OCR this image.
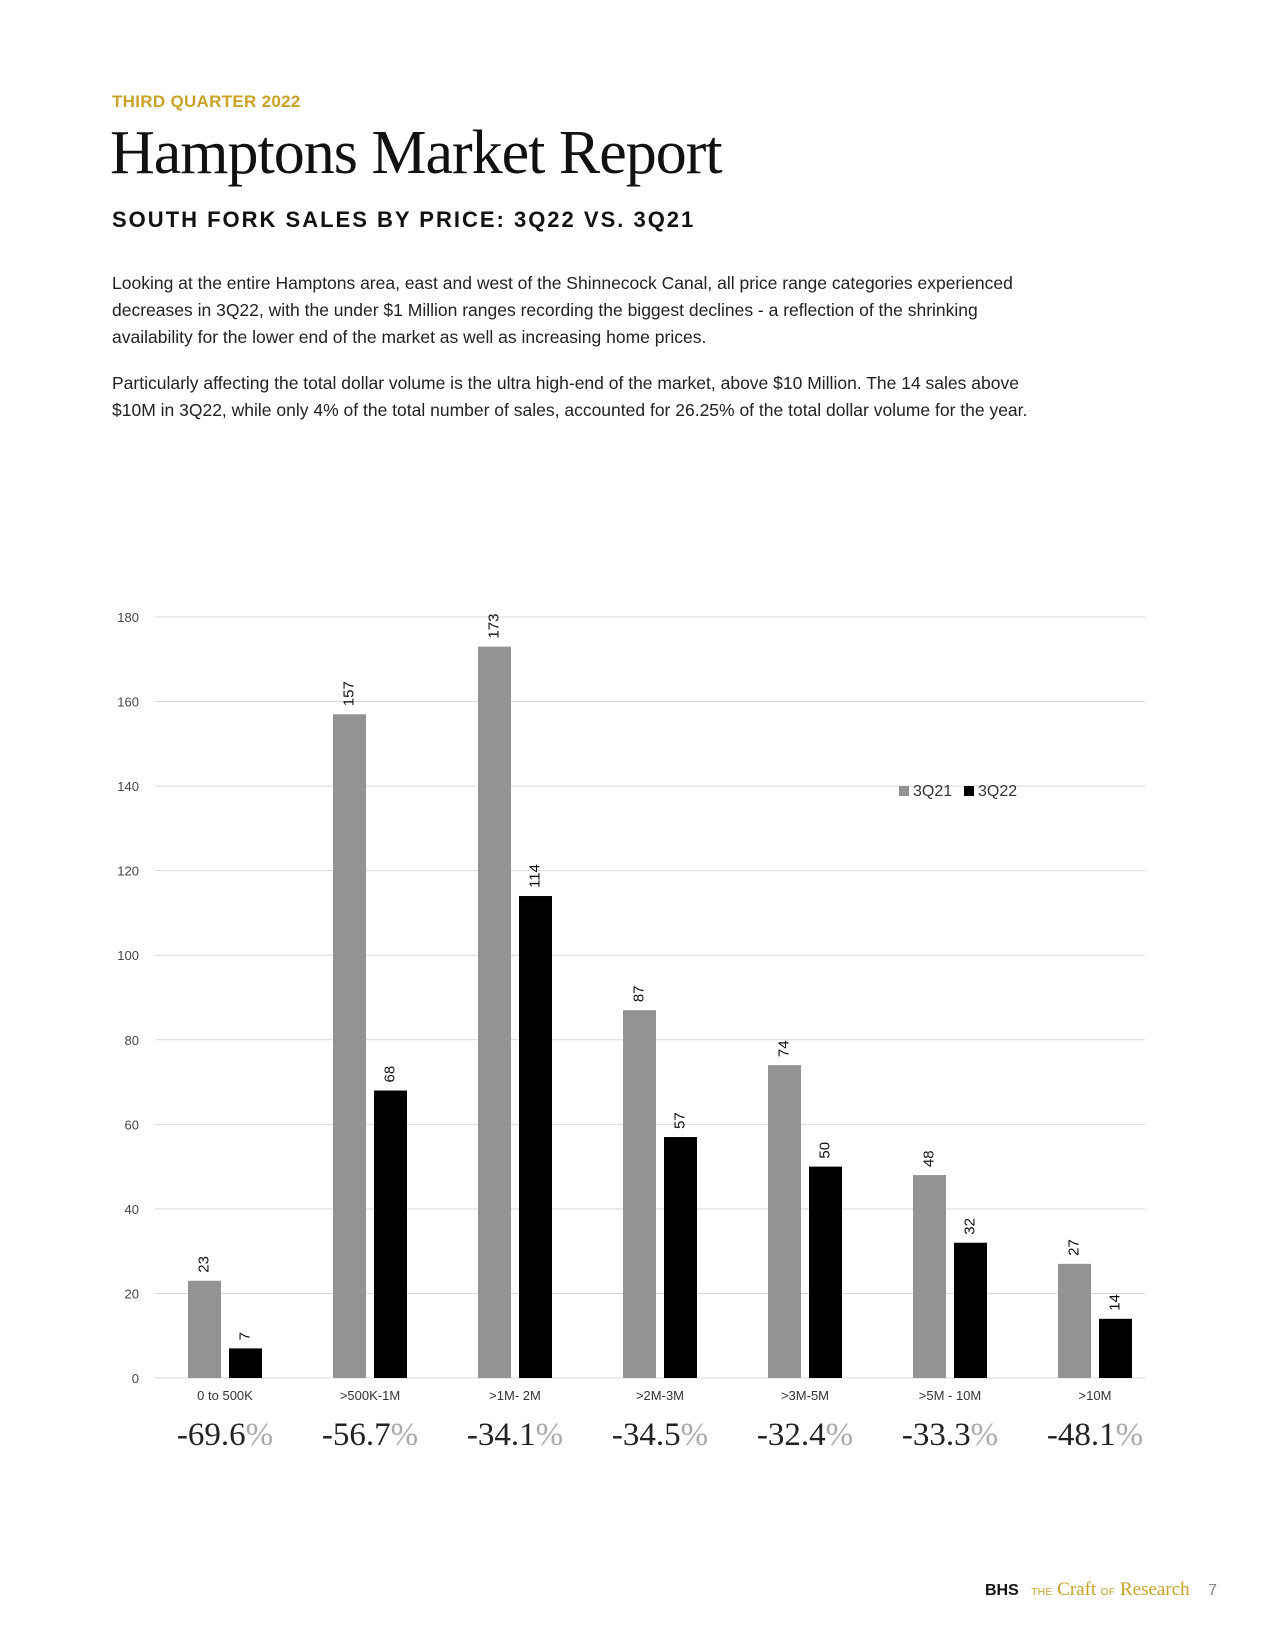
THIRD QUARTER 2022
Hamptons Market Report
SOUTH FORK SALES BY PRICE: 3Q22 VS. 3Q21

Looking at the entire Hamptons area, east and west of the Shinnecock Canal, all price range categories experienced decreases in 3Q22, with the under $1 Million ranges recording the biggest declines - a reflection of the shrinking availability for the lower end of the market as well as increasing home prices.

Particularly affecting the total dollar volume is the ultra high-end of the market, above $10 Million. The 14 sales above $10M in 3Q22, while only 4% of the total number of sales, accounted for 26.25% of the total dollar volume for the year.

0
20
40
60
80
100
120
140
160
180
23
7
0 to 500K
-69.6%
157
68
>500K-1M
-56.7%
173
114
>1M- 2M
-34.1%
87
57
>2M-3M
-34.5%
74
50
>3M-5M
-32.4%
48
32
>5M - 10M
-33.3%
27
14
>10M
-48.1%
3Q21 3Q22
BHS THE Craft OF Research 7
